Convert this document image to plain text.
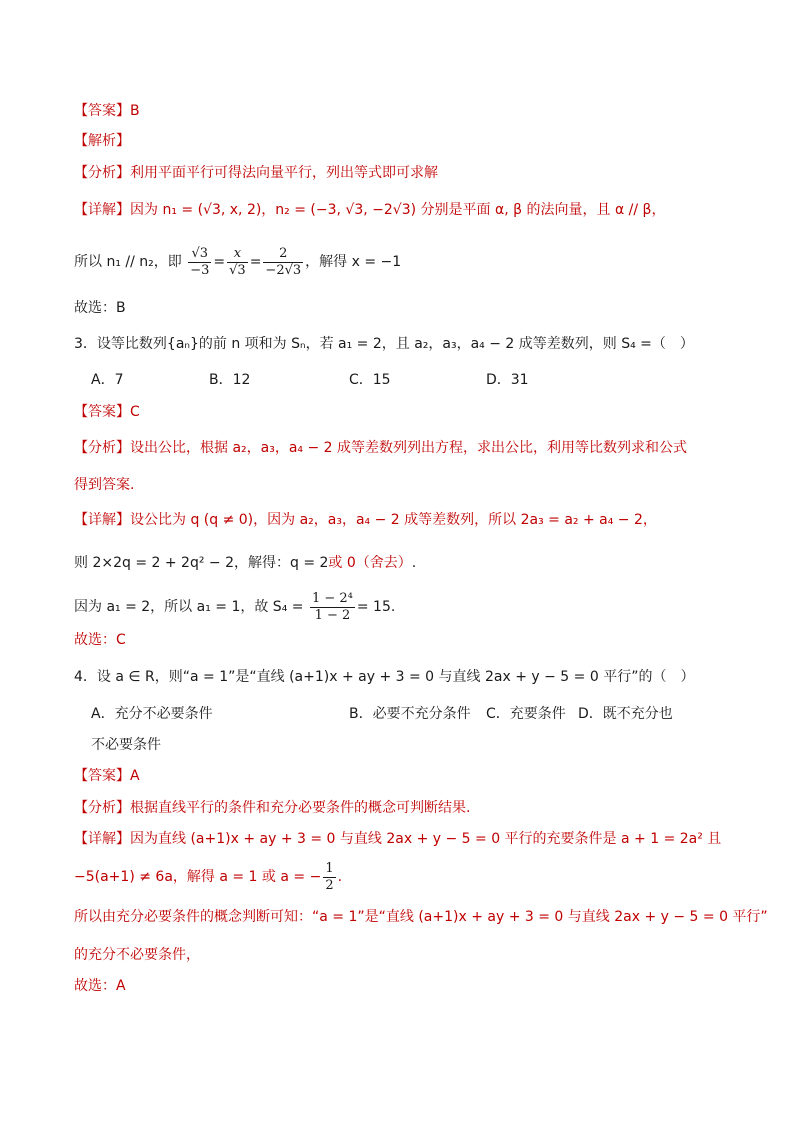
【答案】B
【解析】
【分析】利用平面平行可得法向量平行，列出等式即可求解
【详解】因为 n₁ = (√3, x, 2)，n₂ = (−3, √3, −2√3) 分别是平面 α, β 的法向量，且 α // β，
所以 n₁ // n₂，即 $\frac{√3}{-3} = \frac{x}{√3} = \frac{2}{-2√3}$ ，解得 x = −1
故选：B
3．设等比数列{aₙ}的前 n 项和为 Sₙ，若 a₁ = 2，且 a₂，a₃，a₄ − 2 成等差数列，则 S₄ =（　）
A．7	B．12	C．15	D．31
【答案】C
【分析】设出公比，根据 a₂，a₃，a₄ − 2 成等差数列列出方程，求出公比，利用等比数列求和公式
得到答案.
【详解】设公比为 q (q ≠ 0)，因为 a₂，a₃，a₄ − 2 成等差数列，所以 2a₃ = a₂ + a₄ − 2，
则 2×2q = 2 + 2q² − 2，解得：q = 2或 0（舍去）.
因为 a₁ = 2，所以 a₁ = 1，故 $S_4 = \frac{\text{1 − 2⁴}}{1 - 2} = 15$.
故选：C
4．设 a ∈ R，则“a = 1”是“直线 (a+1)x + ay + 3 = 0 与直线 2ax + y − 5 = 0 平行”的（　）
A．充分不必要条件	B．必要不充分条件 C．充要条件 D．既不充分也
不必要条件
【答案】A
【分析】根据直线平行的条件和充分必要条件的概念可判断结果.
【详解】因为直线 (a+1)x + ay + 3 = 0 与直线 2ax + y − 5 = 0 平行的充要条件是 a + 1 = 2a² 且
−5(a+1) ≠ 6a，解得 a = 1 或 a = − $\frac{1}{2}$ .
所以由充分必要条件的概念判断可知：“a = 1”是“直线 (a+1)x + ay + 3 = 0 与直线 2ax + y − 5 = 0 平行”
的充分不必要条件，
故选：A
